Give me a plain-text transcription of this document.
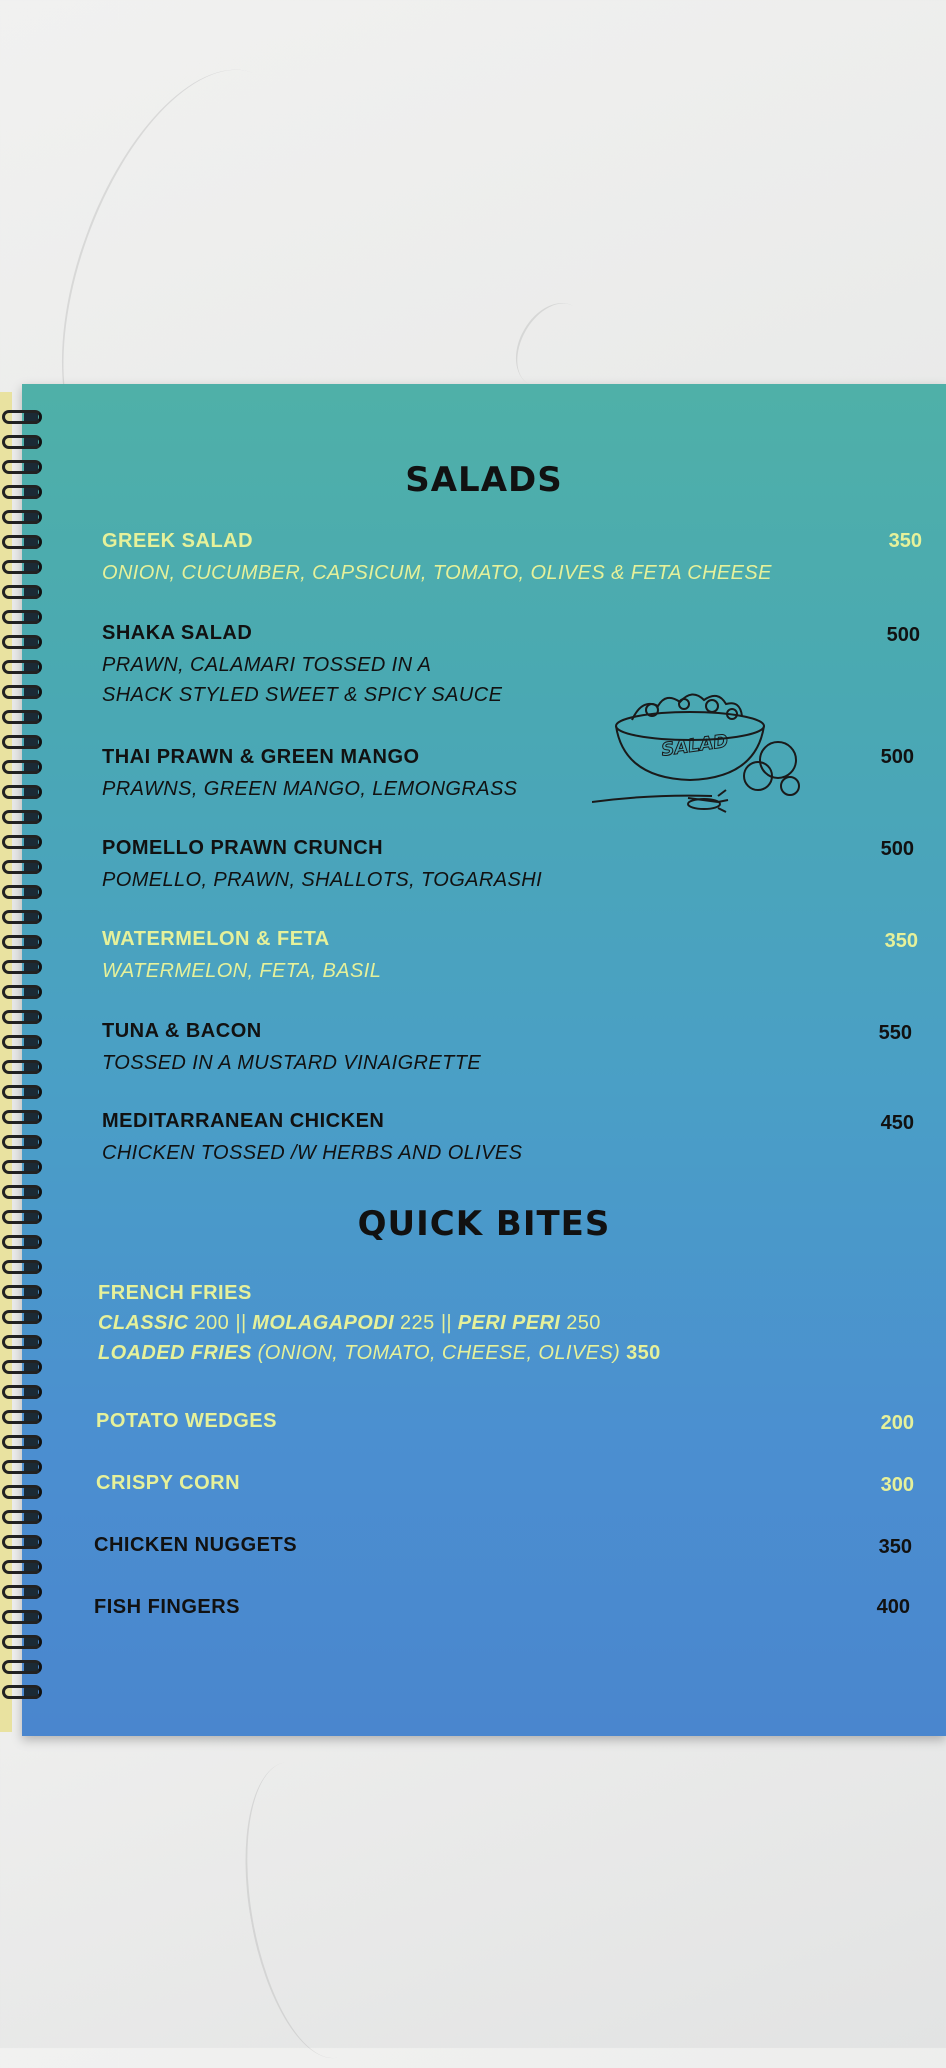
SALADS
GREEK SALAD
ONION, CUCUMBER, CAPSICUM, TOMATO, OLIVES & FETA CHEESE
350
SHAKA SALAD
PRAWN, CALAMARI TOSSED IN A
SHACK STYLED SWEET & SPICY SAUCE
500
THAI PRAWN & GREEN MANGO
PRAWNS, GREEN MANGO, LEMONGRASS
500
POMELLO PRAWN CRUNCH
POMELLO, PRAWN, SHALLOTS, TOGARASHI
500
WATERMELON & FETA
WATERMELON, FETA, BASIL
350
TUNA & BACON
TOSSED IN A MUSTARD VINAIGRETTE
550
MEDITARRANEAN CHICKEN
CHICKEN TOSSED /W HERBS AND OLIVES
450
SALAD
QUICK BITES
FRENCH FRIES
CLASSIC 200 || MOLAGAPODI 225 || PERI PERI 250
LOADED FRIES (ONION, TOMATO, CHEESE, OLIVES) 350
POTATO WEDGES	200
CRISPY CORN	300
CHICKEN NUGGETS	350
FISH FINGERS	400
